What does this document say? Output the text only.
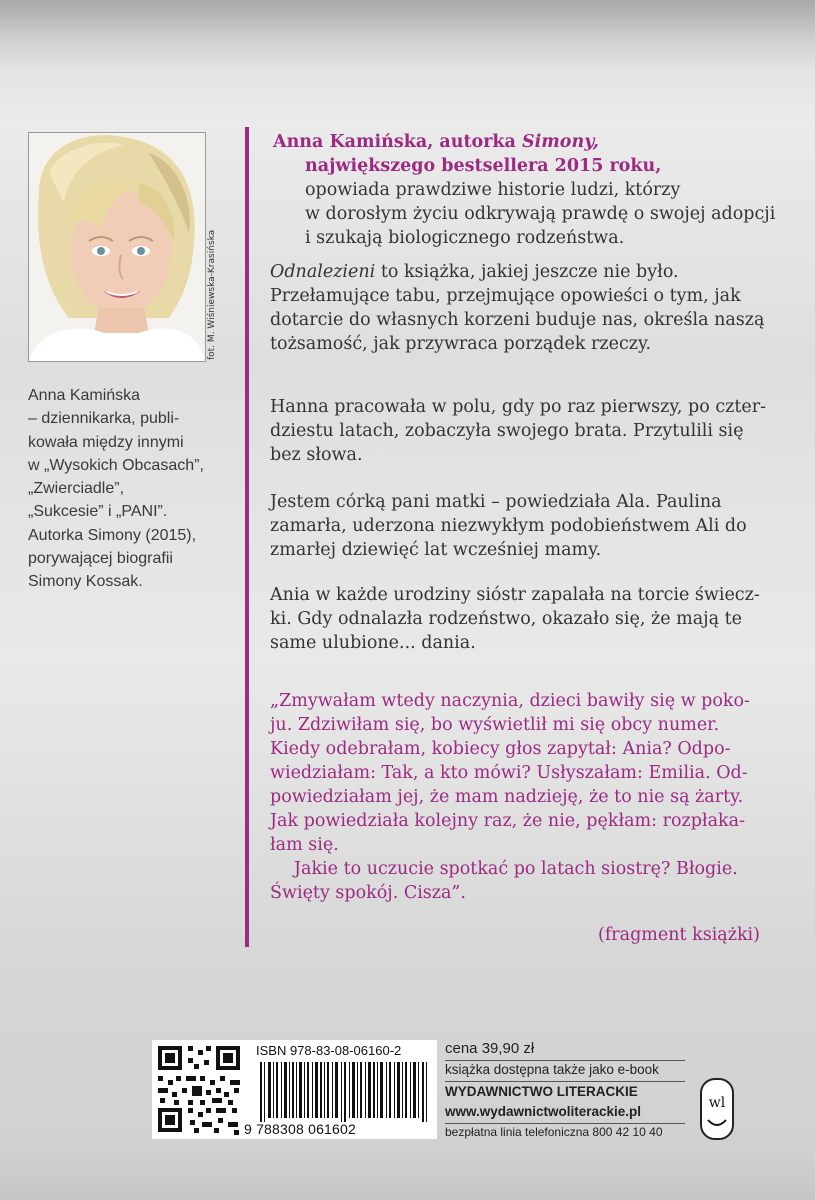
fot. M. Wiśniewska-Krasińska
Anna Kamińska
– dziennikarka, publi-
kowała między innymi
w „Wysokich Obcasach”,
„Zwierciadle”,
„Sukcesie” i „PANI”.
Autorka Simony (2015),
porywającej biografii
Simony Kossak.
Anna Kamińska, autorka Simony,
największego bestsellera 2015 roku,
opowiada prawdziwe historie ludzi, którzy
w dorosłym życiu odkrywają prawdę o swojej adopcji
i szukają biologicznego rodzeństwa.
Odnalezieni to książka, jakiej jeszcze nie było.
Przełamujące tabu, przejmujące opowieści o tym, jak
dotarcie do własnych korzeni buduje nas, określa naszą
tożsamość, jak przywraca porządek rzeczy.
Hanna pracowała w polu, gdy po raz pierwszy, po czter-
dziestu latach, zobaczyła swojego brata. Przytulili się
bez słowa.
Jestem córką pani matki – powiedziała Ala. Paulina
zamarła, uderzona niezwykłym podobieństwem Ali do
zmarłej dziewięć lat wcześniej mamy.
Ania w każde urodziny sióstr zapalała na torcie świecz-
ki. Gdy odnalazła rodzeństwo, okazało się, że mają te
same ulubione... dania.
„Zmywałam wtedy naczynia, dzieci bawiły się w poko-
ju. Zdziwiłam się, bo wyświetlił mi się obcy numer.
Kiedy odebrałam, kobiecy głos zapytał: Ania? Odpo-
wiedziałam: Tak, a kto mówi? Usłyszałam: Emilia. Od-
powiedziałam jej, że mam nadzieję, że to nie są żarty.
Jak powiedziała kolejny raz, że nie, pękłam: rozpłaka-
łam się.
Jakie to uczucie spotkać po latach siostrę? Błogie.
Święty spokój. Cisza”.
(fragment książki)
ISBN 978-83-08-06160-2
9 788308 061602
cena 39,90 zł
książka dostępna także jako e-book
WYDAWNICTWO LITERACKIE
www.wydawnictwoliterackie.pl
bezpłatna linia telefoniczna 800 42 10 40
wl
